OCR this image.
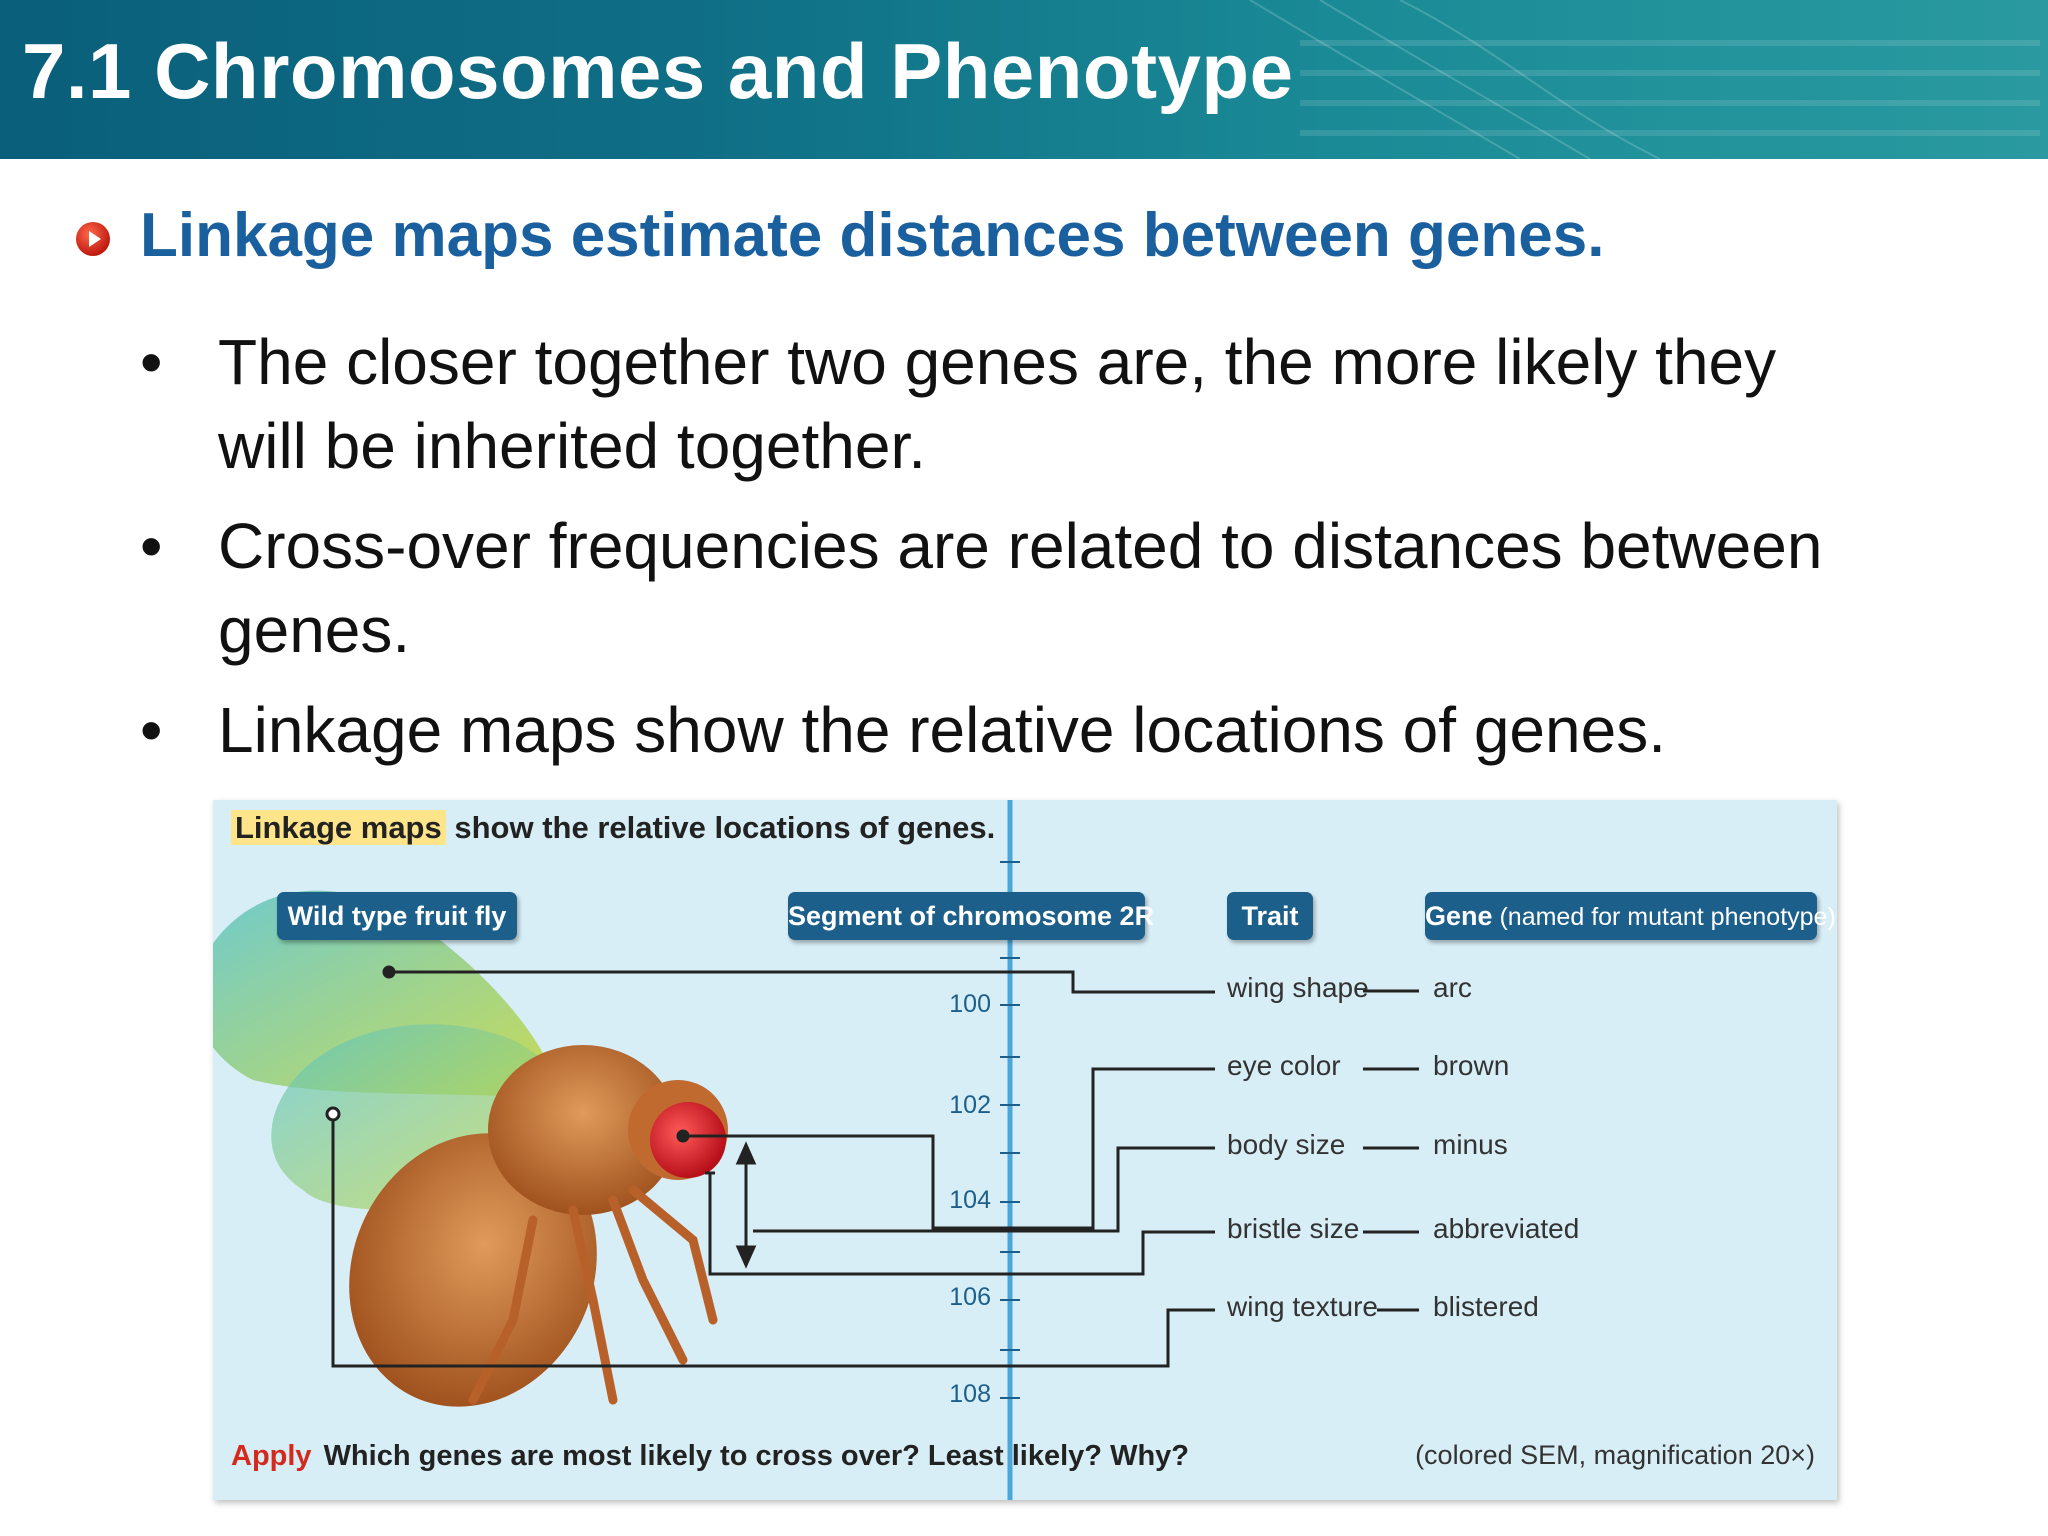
7.1 Chromosomes and Phenotype
Linkage maps estimate distances between genes.
• The closer together two genes are, the more likely they will be inherited together.
• Cross-over frequencies are related to distances between genes.
• Linkage maps show the relative locations of genes.
Linkage maps show the relative locations of genes.
Wild type fruit fly	Segment of chromosome 2R	Trait	Gene (named for mutant phenotype)
100
102
104
106
108
wing shape arc
eye color	brown
body size	minus
bristle size	abbreviated
wing texture blistered
Apply Which genes are most likely to cross over? Least likely? Why?	(colored SEM, magnification 20×)
